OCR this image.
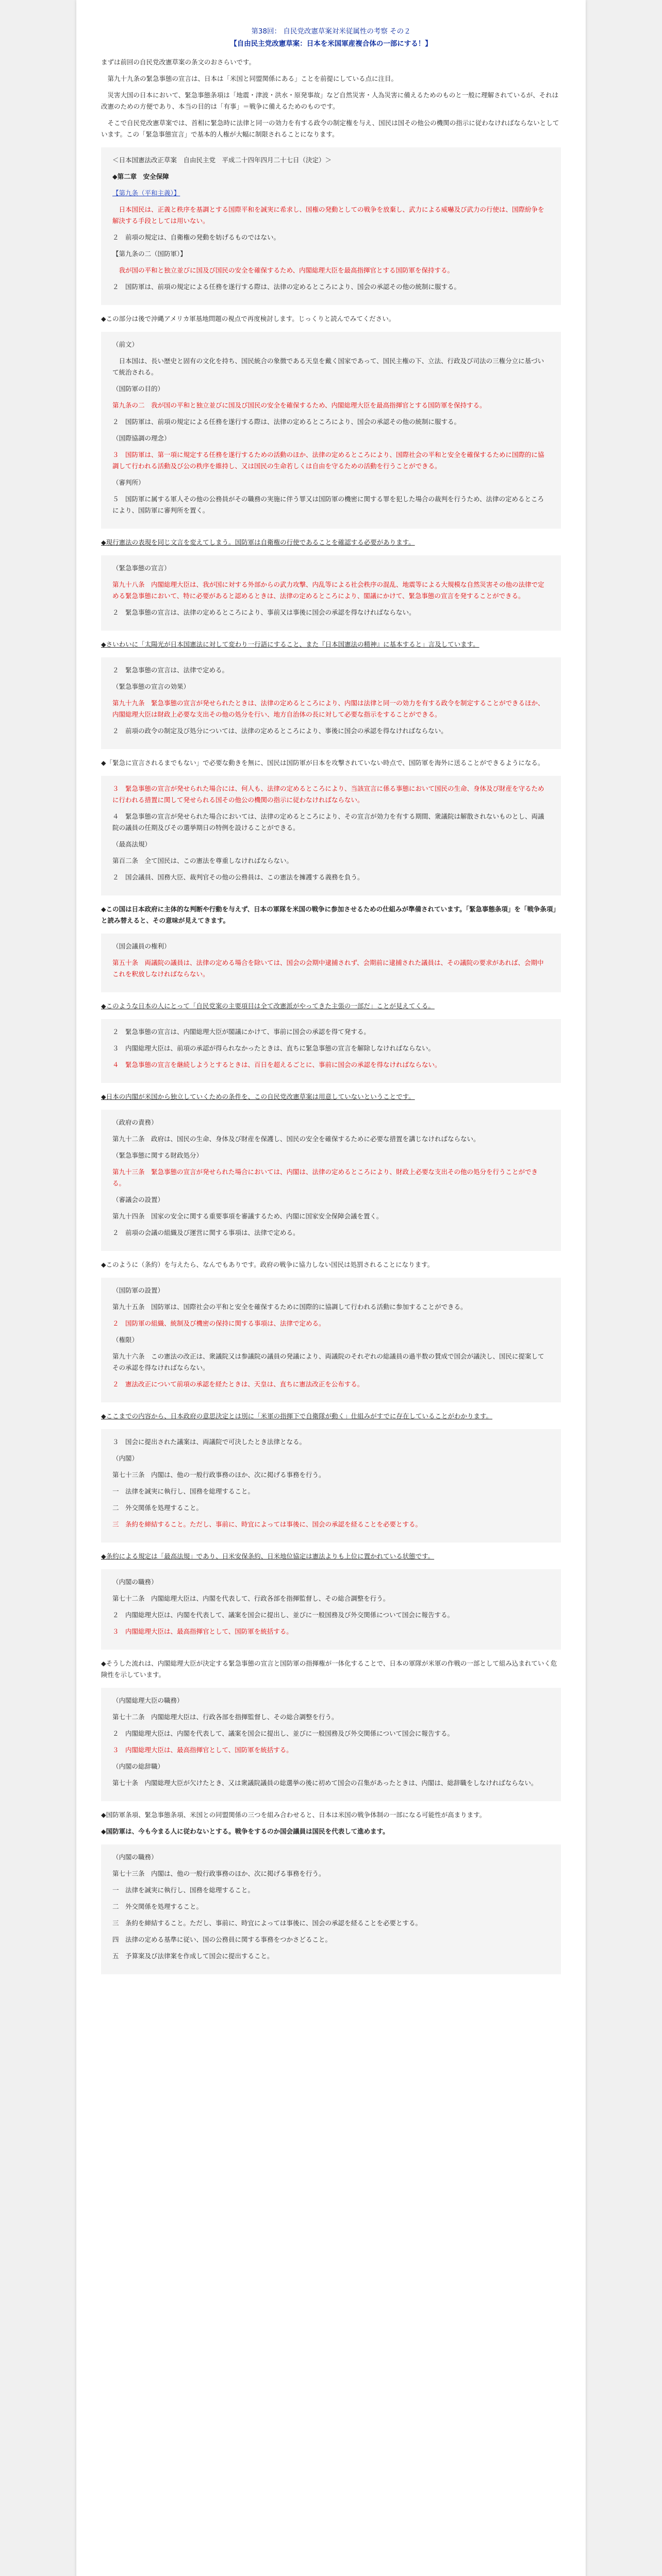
第38回： 自民党改憲草案対米従属性の考察 その２
【自由民主党改憲草案：日本を米国軍産複合体の一部にする！】

まずは前回の自民党改憲草案の条文のおさらいです。

　第九十九条の緊急事態の宣言は、日本は「米国と同盟関係にある」ことを前提にしている点に注目。

　災害大国の日本において、緊急事態条項は「地震・津波・洪水・原発事故」など自然災害・人為災害に備えるためのものと一般に理解されているが、それは改憲のための方便であり、本当の目的は「有事」＝戦争に備えるためのものです。

　そこで自民党改憲草案では、首相に緊急時に法律と同一の効力を有する政令の制定権を与え、国民は国その他公の機関の指示に従わなければならないとしています。この「緊急事態宣言」で基本的人権が大幅に制限されることになります。

＜日本国憲法改正草案　自由民主党　平成二十四年四月二十七日（決定）＞

◆第二章　安全保障

【第九条（平和主義）】

　日本国民は、正義と秩序を基調とする国際平和を誠実に希求し、国権の発動としての戦争を放棄し、武力による威嚇及び武力の行使は、国際紛争を解決する手段としては用いない。

２　前項の規定は、自衛権の発動を妨げるものではない。

【第九条の二（国防軍）】

　我が国の平和と独立並びに国及び国民の安全を確保するため、内閣総理大臣を最高指揮官とする国防軍を保持する。

２　国防軍は、前項の規定による任務を遂行する際は、法律の定めるところにより、国会の承認その他の統制に服する。

◆この部分は後で沖縄アメリカ軍基地問題の視点で再度検討します。じっくりと読んでみてください。

（前文）

　日本国は、長い歴史と固有の文化を持ち、国民統合の象徴である天皇を戴く国家であって、国民主権の下、立法、行政及び司法の三権分立に基づいて統治される。

（国防軍の目的）

第九条の二　我が国の平和と独立並びに国及び国民の安全を確保するため、内閣総理大臣を最高指揮官とする国防軍を保持する。

２　国防軍は、前項の規定による任務を遂行する際は、法律の定めるところにより、国会の承認その他の統制に服する。

（国際協調の理念）

３　国防軍は、第一項に規定する任務を遂行するための活動のほか、法律の定めるところにより、国際社会の平和と安全を確保するために国際的に協調して行われる活動及び公の秩序を維持し、又は国民の生命若しくは自由を守るための活動を行うことができる。

（審判所）

５　国防軍に属する軍人その他の公務員がその職務の実施に伴う罪又は国防軍の機密に関する罪を犯した場合の裁判を行うため、法律の定めるところにより、国防軍に審判所を置く。

◆現行憲法の表現を同じ文言を変えてしまう。国防軍は自衛権の行使であることを確認する必要があります。

（緊急事態の宣言）

第九十八条　内閣総理大臣は、我が国に対する外部からの武力攻撃、内乱等による社会秩序の混乱、地震等による大規模な自然災害その他の法律で定める緊急事態において、特に必要があると認めるときは、法律の定めるところにより、閣議にかけて、緊急事態の宣言を発することができる。

２　緊急事態の宣言は、法律の定めるところにより、事前又は事後に国会の承認を得なければならない。

◆さいわいに「太陽光が日本国憲法に対して変わり一行語にすること、また『日本国憲法の精神』に基本すると」言及しています。

２　緊急事態の宣言は、法律で定める。

（緊急事態の宣言の効果）

第九十九条　緊急事態の宣言が発せられたときは、法律の定めるところにより、内閣は法律と同一の効力を有する政令を制定することができるほか、内閣総理大臣は財政上必要な支出その他の処分を行い、地方自治体の長に対して必要な指示をすることができる。

２　前項の政令の制定及び処分については、法律の定めるところにより、事後に国会の承認を得なければならない。

◆「緊急に宣言されるまでもない」で必要な動きを無に、国民は国防軍が日本を攻撃されていない時点で、国防軍を海外に送ることができるようになる。

３　緊急事態の宣言が発せられた場合には、何人も、法律の定めるところにより、当該宣言に係る事態において国民の生命、身体及び財産を守るために行われる措置に関して発せられる国その他公の機関の指示に従わなければならない。

４　緊急事態の宣言が発せられた場合においては、法律の定めるところにより、その宣言が効力を有する期間、衆議院は解散されないものとし、両議院の議員の任期及びその選挙期日の特例を設けることができる。

（最高法規）

第百二条　全て国民は、この憲法を尊重しなければならない。

２　国会議員、国務大臣、裁判官その他の公務員は、この憲法を擁護する義務を負う。

◆この国は日本政府に主体的な判断や行動を与えず、日本の軍隊を米国の戦争に参加させるための仕組みが準備されています。「緊急事態条項」を「戦争条項」と読み替えると、その意味が見えてきます。

（国会議員の権利）

第五十条　両議院の議員は、法律の定める場合を除いては、国会の会期中逮捕されず、会期前に逮捕された議員は、その議院の要求があれば、会期中これを釈放しなければならない。

◆このような日本の人にとって「自民党案の主要項目は全て改憲派がやってきた主張の一部だ」ことが見えてくる。

２　緊急事態の宣言は、内閣総理大臣が閣議にかけて、事前に国会の承認を得て発する。

３　内閣総理大臣は、前項の承認が得られなかったときは、直ちに緊急事態の宣言を解除しなければならない。

４　緊急事態の宣言を継続しようとするときは、百日を超えるごとに、事前に国会の承認を得なければならない。

◆日本の内閣が米国から独立していくための条件を、この自民党改憲草案は用意していないということです。

（政府の責務）

第九十二条　政府は、国民の生命、身体及び財産を保護し、国民の安全を確保するために必要な措置を講じなければならない。

（緊急事態に関する財政処分）

第九十三条　緊急事態の宣言が発せられた場合においては、内閣は、法律の定めるところにより、財政上必要な支出その他の処分を行うことができる。

（審議会の設置）

第九十四条　国家の安全に関する重要事項を審議するため、内閣に国家安全保障会議を置く。

２　前項の会議の組織及び運営に関する事項は、法律で定める。

◆このように（条約）を与えたら、なんでもありです。政府の戦争に協力しない国民は処罰されることになります。

（国防軍の設置）

第九十五条　国防軍は、国際社会の平和と安全を確保するために国際的に協調して行われる活動に参加することができる。

２　国防軍の組織、統制及び機密の保持に関する事項は、法律で定める。

（権限）

第九十六条　この憲法の改正は、衆議院又は参議院の議員の発議により、両議院のそれぞれの総議員の過半数の賛成で国会が議決し、国民に提案してその承認を得なければならない。

２　憲法改正について前項の承認を経たときは、天皇は、直ちに憲法改正を公布する。

◆ここまでの内容から、日本政府の意思決定とは別に「米軍の指揮下で自衛隊が動く」仕組みがすでに存在していることがわかります。

３　国会に提出された議案は、両議院で可決したとき法律となる。

（内閣）

第七十三条　内閣は、他の一般行政事務のほか、次に掲げる事務を行う。

一　法律を誠実に執行し、国務を総理すること。

二　外交関係を処理すること。

三　条約を締結すること。ただし、事前に、時宜によっては事後に、国会の承認を経ることを必要とする。

◆条約による規定は「最高法規」であり、日米安保条約、日米地位協定は憲法よりも上位に置かれている状態です。

（内閣の職務）

第七十二条　内閣総理大臣は、内閣を代表して、行政各部を指揮監督し、その総合調整を行う。

２　内閣総理大臣は、内閣を代表して、議案を国会に提出し、並びに一般国務及び外交関係について国会に報告する。

３　内閣総理大臣は、最高指揮官として、国防軍を統括する。

◆そうした流れは、内閣総理大臣が決定する緊急事態の宣言と国防軍の指揮権が一体化することで、日本の軍隊が米軍の作戦の一部として組み込まれていく危険性を示しています。

（内閣総理大臣の職務）

第七十二条　内閣総理大臣は、行政各部を指揮監督し、その総合調整を行う。

２　内閣総理大臣は、内閣を代表して、議案を国会に提出し、並びに一般国務及び外交関係について国会に報告する。

３　内閣総理大臣は、最高指揮官として、国防軍を統括する。

（内閣の総辞職）

第七十条　内閣総理大臣が欠けたとき、又は衆議院議員の総選挙の後に初めて国会の召集があったときは、内閣は、総辞職をしなければならない。

◆国防軍条項、緊急事態条項、米国との同盟関係の三つを組み合わせると、日本は米国の戦争体制の一部になる可能性が高まります。

◆国防軍は、今も今まる人に従わないとする。戦争をするのか国会議員は国民を代表して進めます。

（内閣の職務）

第七十三条　内閣は、他の一般行政事務のほか、次に掲げる事務を行う。

一　法律を誠実に執行し、国務を総理すること。

二　外交関係を処理すること。

三　条約を締結すること。ただし、事前に、時宜によっては事後に、国会の承認を経ることを必要とする。

四　法律の定める基準に従い、国の公務員に関する事務をつかさどること。

五　予算案及び法律案を作成して国会に提出すること。
